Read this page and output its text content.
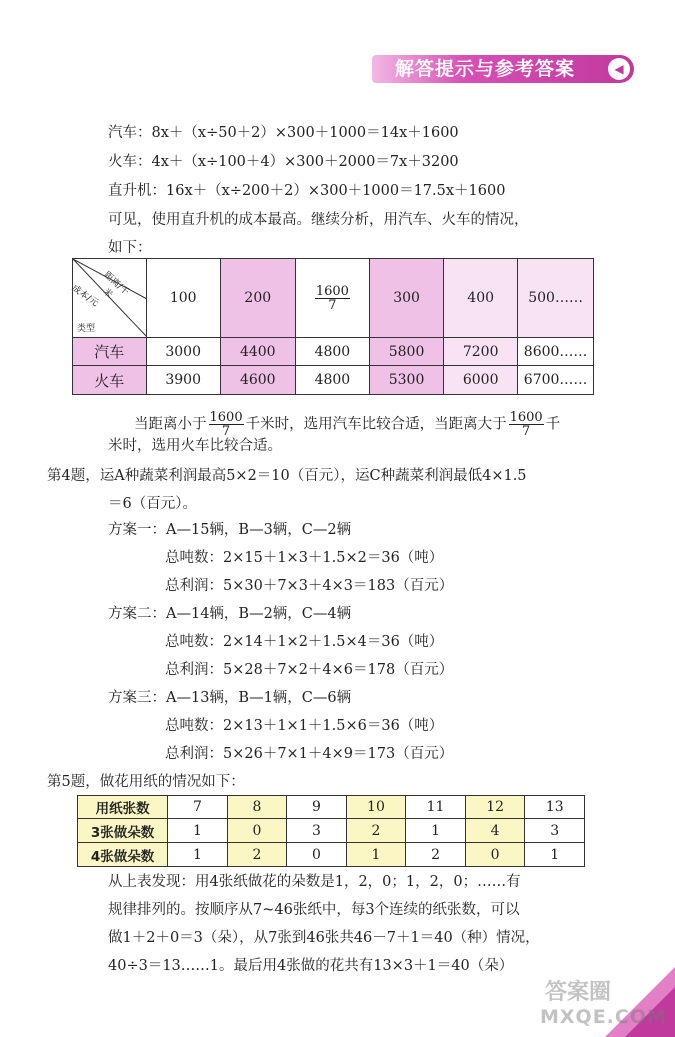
解答提示与参考答案	◀
汽车：8x＋（x÷50＋2）×300＋1000＝14x＋1600
火车：4x＋（x÷100＋4）×300＋2000＝7x＋3200
直升机：16x＋（x÷200＋2）×300＋1000＝17.5x＋1600
可见，使用直升机的成本最高。继续分析，用汽车、火车的情况，
如下：
距离/千米
成本/元
类型	100	200	$\frac{1600}{7}$	300	400	500……
汽车	3000	4400	4800	5800	7200	8600……
火车	3900	4600	4800	5300	6000	6700……
当距离小于 $\frac{1600}{7}$ 千米时，选用汽车比较合适，当距离大于 $\frac{1600}{7}$ 千
米时，选用火车比较合适。
第4题，运A种蔬菜利润最高5×2＝10（百元），运C种蔬菜利润最低4×1.5
＝6（百元）。
方案一：A—15辆，B—3辆，C—2辆
总吨数：2×15＋1×3＋1.5×2＝36（吨）
总利润：5×30＋7×3＋4×3＝183（百元）
方案二：A—14辆，B—2辆，C—4辆
总吨数：2×14＋1×2＋1.5×4＝36（吨）
总利润：5×28＋7×2＋4×6＝178（百元）
方案三：A—13辆，B—1辆，C—6辆
总吨数：2×13＋1×1＋1.5×6＝36（吨）
总利润：5×26＋7×1＋4×9＝173（百元）
第5题，做花用纸的情况如下：
用纸张数	7	8	9	10	11	12	13
3张做朵数	1	0	3	2	1	4	3
4张做朵数	1	2	0	1	2	0	1
从上表发现：用4张纸做花的朵数是1，2，0；1，2，0；……有
规律排列的。按顺序从7~46张纸中，每3个连续的纸张数，可以
做1＋2＋0＝3（朵），从7张到46张共46－7＋1＝40（种）情况，
40÷3＝13……1。最后用4张做的花共有13×3＋1＝40（朵）
答案圈
MXQE.COM
